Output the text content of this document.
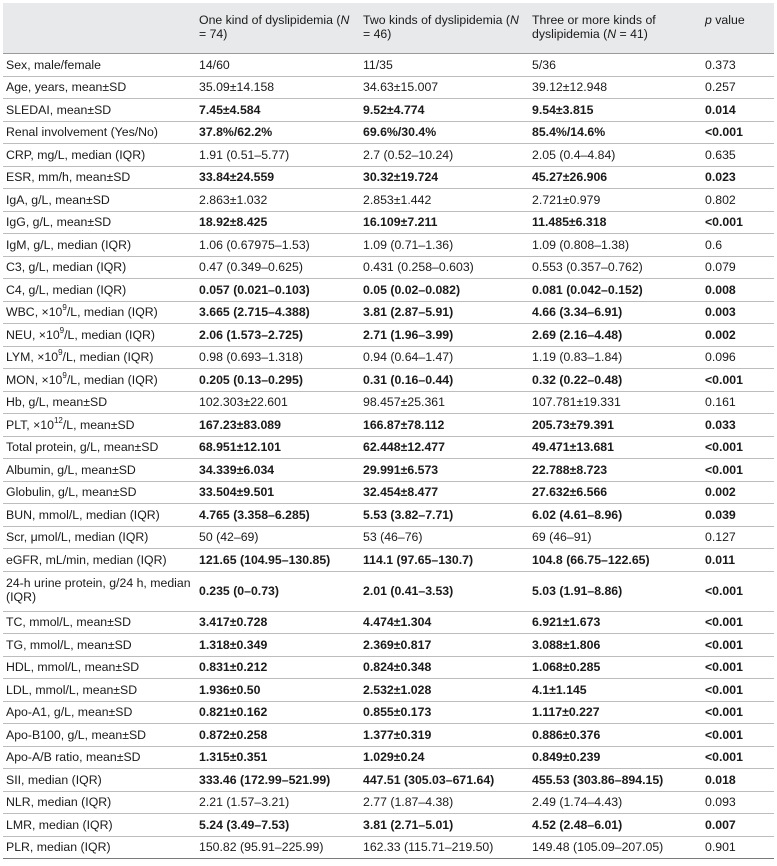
	One kind of dyslipidemia (N = 74)	Two kinds of dyslipidemia (N = 46)	Three or more kinds of dyslipidemia (N = 41)	p value
Sex, male/female	14/60	11/35	5/36	0.373
Age, years, mean±SD	35.09±14.158	34.63±15.007	39.12±12.948	0.257
SLEDAI, mean±SD	7.45±4.584	9.52±4.774	9.54±3.815	0.014
Renal involvement (Yes/No)	37.8%/62.2%	69.6%/30.4%	85.4%/14.6%	<0.001
CRP, mg/L, median (IQR)	1.91 (0.51–5.77)	2.7 (0.52–10.24)	2.05 (0.4–4.84)	0.635
ESR, mm/h, mean±SD	33.84±24.559	30.32±19.724	45.27±26.906	0.023
IgA, g/L, mean±SD	2.863±1.032	2.853±1.442	2.721±0.979	0.802
IgG, g/L, mean±SD	18.92±8.425	16.109±7.211	11.485±6.318	<0.001
IgM, g/L, median (IQR)	1.06 (0.67975–1.53)	1.09 (0.71–1.36)	1.09 (0.808–1.38)	0.6
C3, g/L, median (IQR)	0.47 (0.349–0.625)	0.431 (0.258–0.603)	0.553 (0.357–0.762)	0.079
C4, g/L, median (IQR)	0.057 (0.021–0.103)	0.05 (0.02–0.082)	0.081 (0.042–0.152)	0.008
WBC, $\times 10^9/L$, median (IQR)	3.665 (2.715–4.388)	3.81 (2.87–5.91)	4.66 (3.34–6.91)	0.003
NEU, $\times 10^9/L$, median (IQR)	2.06 (1.573–2.725)	2.71 (1.96–3.99)	2.69 (2.16–4.48)	0.002
LYM, $\times 10^9/L$, median (IQR)	0.98 (0.693–1.318)	0.94 (0.64–1.47)	1.19 (0.83–1.84)	0.096
MON, $\times 10^9/L$, median (IQR)	0.205 (0.13–0.295)	0.31 (0.16–0.44)	0.32 (0.22–0.48)	<0.001
Hb, g/L, mean±SD	102.303±22.601	98.457±25.361	107.781±19.331	0.161
PLT, $\times 10^{12}/L$, mean±SD	167.23±83.089	166.87±78.112	205.73±79.391	0.033
Total protein, g/L, mean±SD	68.951±12.101	62.448±12.477	49.471±13.681	<0.001
Albumin, g/L, mean±SD	34.339±6.034	29.991±6.573	22.788±8.723	<0.001
Globulin, g/L, mean±SD	33.504±9.501	32.454±8.477	27.632±6.566	0.002
BUN, mmol/L, median (IQR)	4.765 (3.358–6.285)	5.53 (3.82–7.71)	6.02 (4.61–8.96)	0.039
Scr, μmol/L, median (IQR)	50 (42–69)	53 (46–76)	69 (46–91)	0.127
eGFR, mL/min, median (IQR)	121.65 (104.95–130.85)	114.1 (97.65–130.7)	104.8 (66.75–122.65)	0.011
24-h urine protein, g/24 h, median (IQR)	0.235 (0–0.73)	2.01 (0.41–3.53)	5.03 (1.91–8.86)	<0.001
TC, mmol/L, mean±SD	3.417±0.728	4.474±1.304	6.921±1.673	<0.001
TG, mmol/L, mean±SD	1.318±0.349	2.369±0.817	3.088±1.806	<0.001
HDL, mmol/L, mean±SD	0.831±0.212	0.824±0.348	1.068±0.285	<0.001
LDL, mmol/L, mean±SD	1.936±0.50	2.532±1.028	4.1±1.145	<0.001
Apo-A1, g/L, mean±SD	0.821±0.162	0.855±0.173	1.117±0.227	<0.001
Apo-B100, g/L, mean±SD	0.872±0.258	1.377±0.319	0.886±0.376	<0.001
Apo-A/B ratio, mean±SD	1.315±0.351	1.029±0.24	0.849±0.239	<0.001
SII, median (IQR)	333.46 (172.99–521.99)	447.51 (305.03–671.64)	455.53 (303.86–894.15)	0.018
NLR, median (IQR)	2.21 (1.57–3.21)	2.77 (1.87–4.38)	2.49 (1.74–4.43)	0.093
LMR, median (IQR)	5.24 (3.49–7.53)	3.81 (2.71–5.01)	4.52 (2.48–6.01)	0.007
PLR, median (IQR)	150.82 (95.91–225.99)	162.33 (115.71–219.50)	149.48 (105.09–207.05)	0.901
